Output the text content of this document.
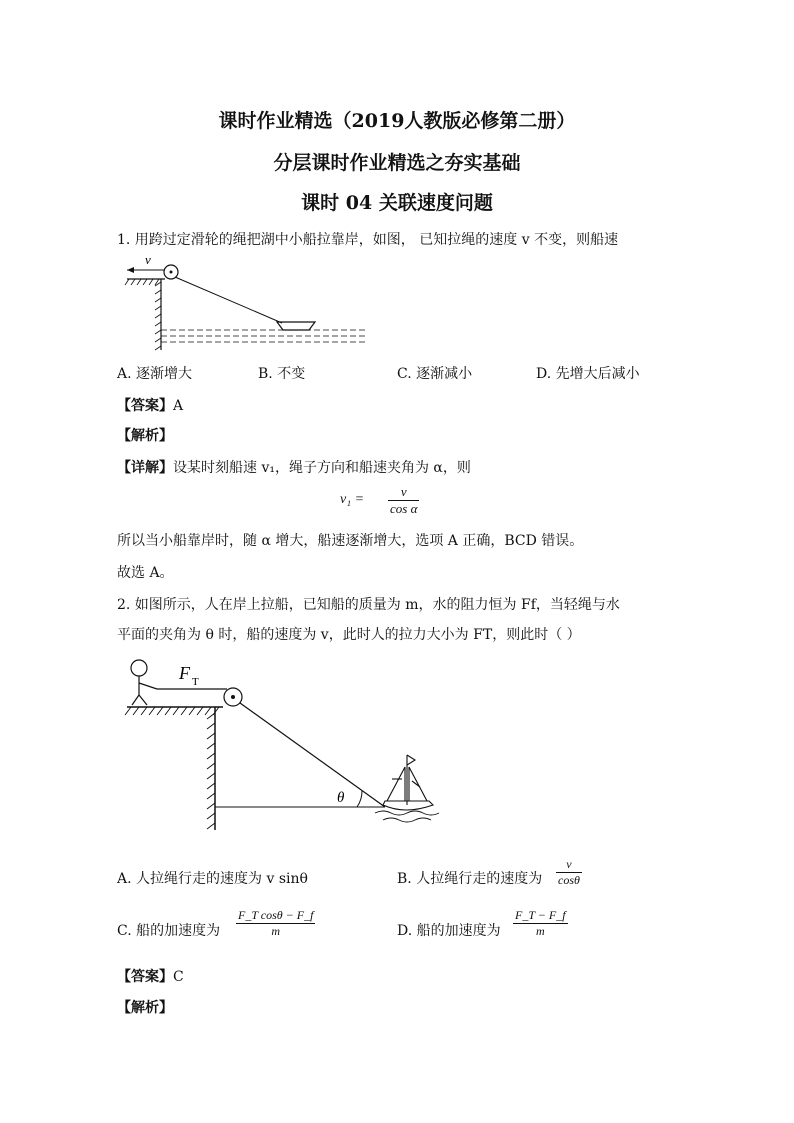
课时作业精选（2019人教版必修第二册）
分层课时作业精选之夯实基础
课时 04 关联速度问题
1. 用跨过定滑轮的绳把湖中小船拉靠岸，如图， 已知拉绳的速度 v 不变，则船速
v
A. 逐渐增大	B. 不变	C. 逐渐减小	D. 先增大后减小
【答案】A
【解析】
【详解】设某时刻船速 v₁，绳子方向和船速夹角为 α，则
$v_1 = \frac{v}{\text{cos α}}$
所以当小船靠岸时，随 α 增大，船速逐渐增大，选项 A 正确，BCD 错误。
故选 A。
2. 如图所示，人在岸上拉船，已知船的质量为 m，水的阻力恒为 Ff，当轻绳与水
平面的夹角为 θ 时，船的速度为 v，此时人的拉力大小为 FT，则此时（ ）
F T
θ
A. 人拉绳行走的速度为 v sinθ	B. 人拉绳行走的速度为 $\frac{v}{\cos\theta}$
C. 船的加速度为 $\frac{\text{F\_T cosθ − F\_f}}{m}$	D. 船的加速度为 $\frac{F\_T - F\_f}{m}$
【答案】C
【解析】
